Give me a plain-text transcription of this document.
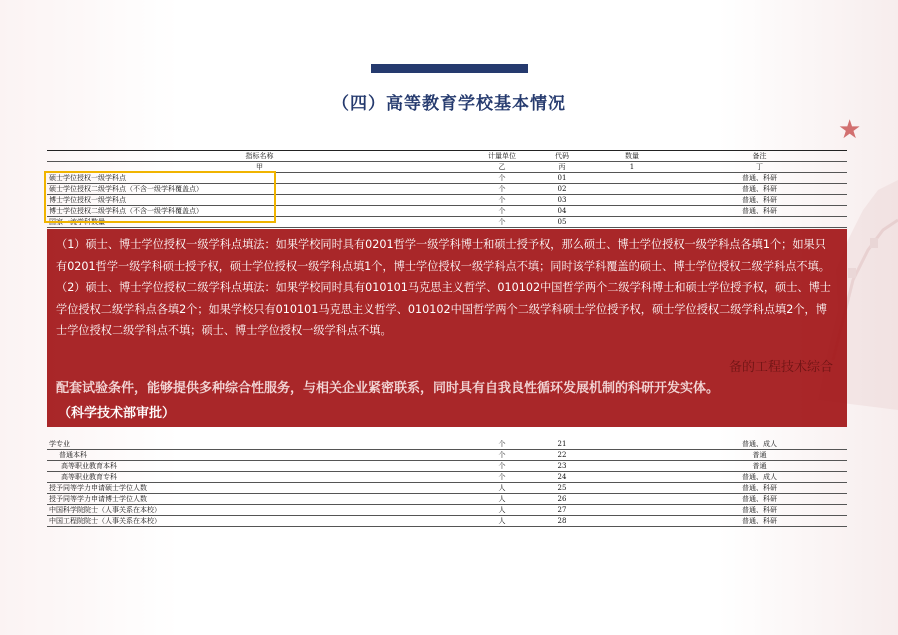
（四）高等教育学校基本情况
★
指标名称	计量单位	代码	数量	备注
甲	乙	丙	1	丁
硕士学位授权一级学科点	个	01		普通、科研
硕士学位授权二级学科点（不含一级学科覆盖点）	个	02		普通、科研
博士学位授权一级学科点	个	03		普通、科研
博士学位授权二级学科点（不含一级学科覆盖点）	个	04		普通、科研
国家一流学科数量	个	05		

学专业	个	21		普通、成人
普通本科	个	22		普通
高等职业教育本科	个	23		普通
高等职业教育专科	个	24		普通、成人
授予同等学力申请硕士学位人数	人	25		普通、科研
授予同等学力申请博士学位人数	人	26		普通、科研
中国科学院院士（人事关系在本校）	人	27		普通、科研
中国工程院院士（人事关系在本校）	人	28		普通、科研
备的工程技术综合

（1）硕士、博士学位授权一级学科点填法：如果学校同时具有0201哲学一级学科博士和硕士授予权，那么硕士、博士学位授权一级学科点各填1个；如果只有0201哲学一级学科硕士授予权，硕士学位授权一级学科点填1个，博士学位授权一级学科点不填；同时该学科覆盖的硕士、博士学位授权二级学科点不填。

（2）硕士、博士学位授权二级学科点填法：如果学校同时具有010101马克思主义哲学、010102中国哲学两个二级学科博士和硕士学位授予权，硕士、博士学位授权二级学科点各填2个；如果学校只有010101马克思主义哲学、010102中国哲学两个二级学科硕士学位授予权，硕士学位授权二级学科点填2个，博士学位授权二级学科点不填；硕士、博士学位授权一级学科点不填。

配套试验条件，能够提供多种综合性服务，与相关企业紧密联系，同时具有自我良性循环发展机制的科研开发实体。
（科学技术部审批）
